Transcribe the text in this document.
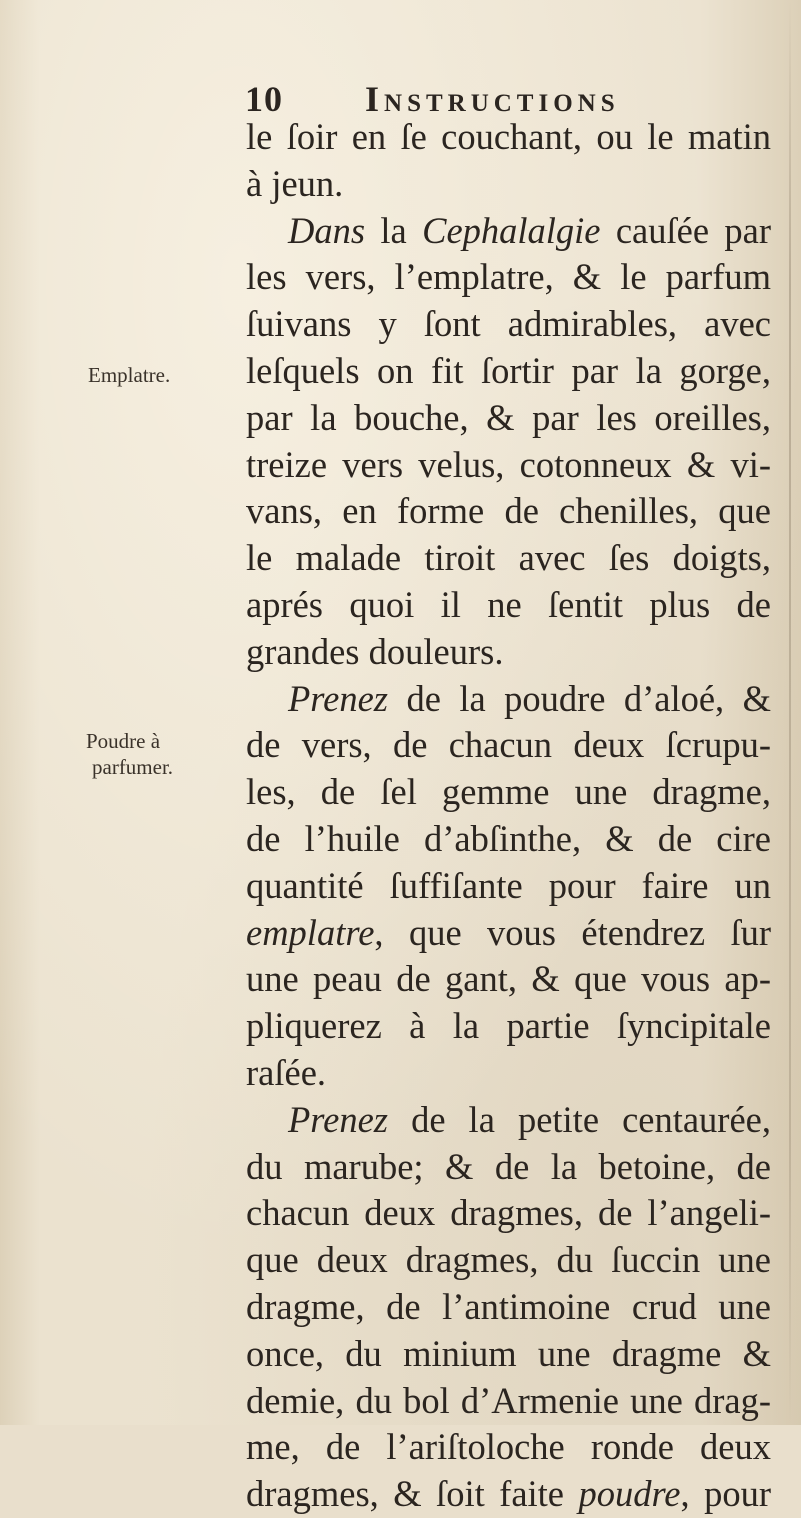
10	Instructions
Emplatre.
Poudre à
parfumer.
le ſoir en ſe couchant, ou le matin
à jeun.
Dans la Cephalalgie cauſée par
les vers, l’emplatre, & le parfum
ſuivans y ſont admirables, avec
leſquels on fit ſortir par la gorge,
par la bouche, & par les oreilles,
treize vers velus, cotonneux & vi-
vans, en forme de chenilles, que
le malade tiroit avec ſes doigts,
aprés quoi il ne ſentit plus de
grandes douleurs.
Prenez de la poudre d’aloé, &
de vers, de chacun deux ſcrupu-
les, de ſel gemme une dragme,
de l’huile d’abſinthe, & de cire
quantité ſuffiſante pour faire un
emplatre, que vous étendrez ſur
une peau de gant, & que vous ap-
pliquerez à la partie ſyncipitale
raſée.
Prenez de la petite centaurée,
du marube; & de la betoine, de
chacun deux dragmes, de l’angeli-
que deux dragmes, du ſuccin une
dragme, de l’antimoine crud une
once, du minium une dragme &
demie, du bol d’Armenie une drag-
me, de l’ariſtoloche ronde deux
dragmes, & ſoit faite poudre, pour
